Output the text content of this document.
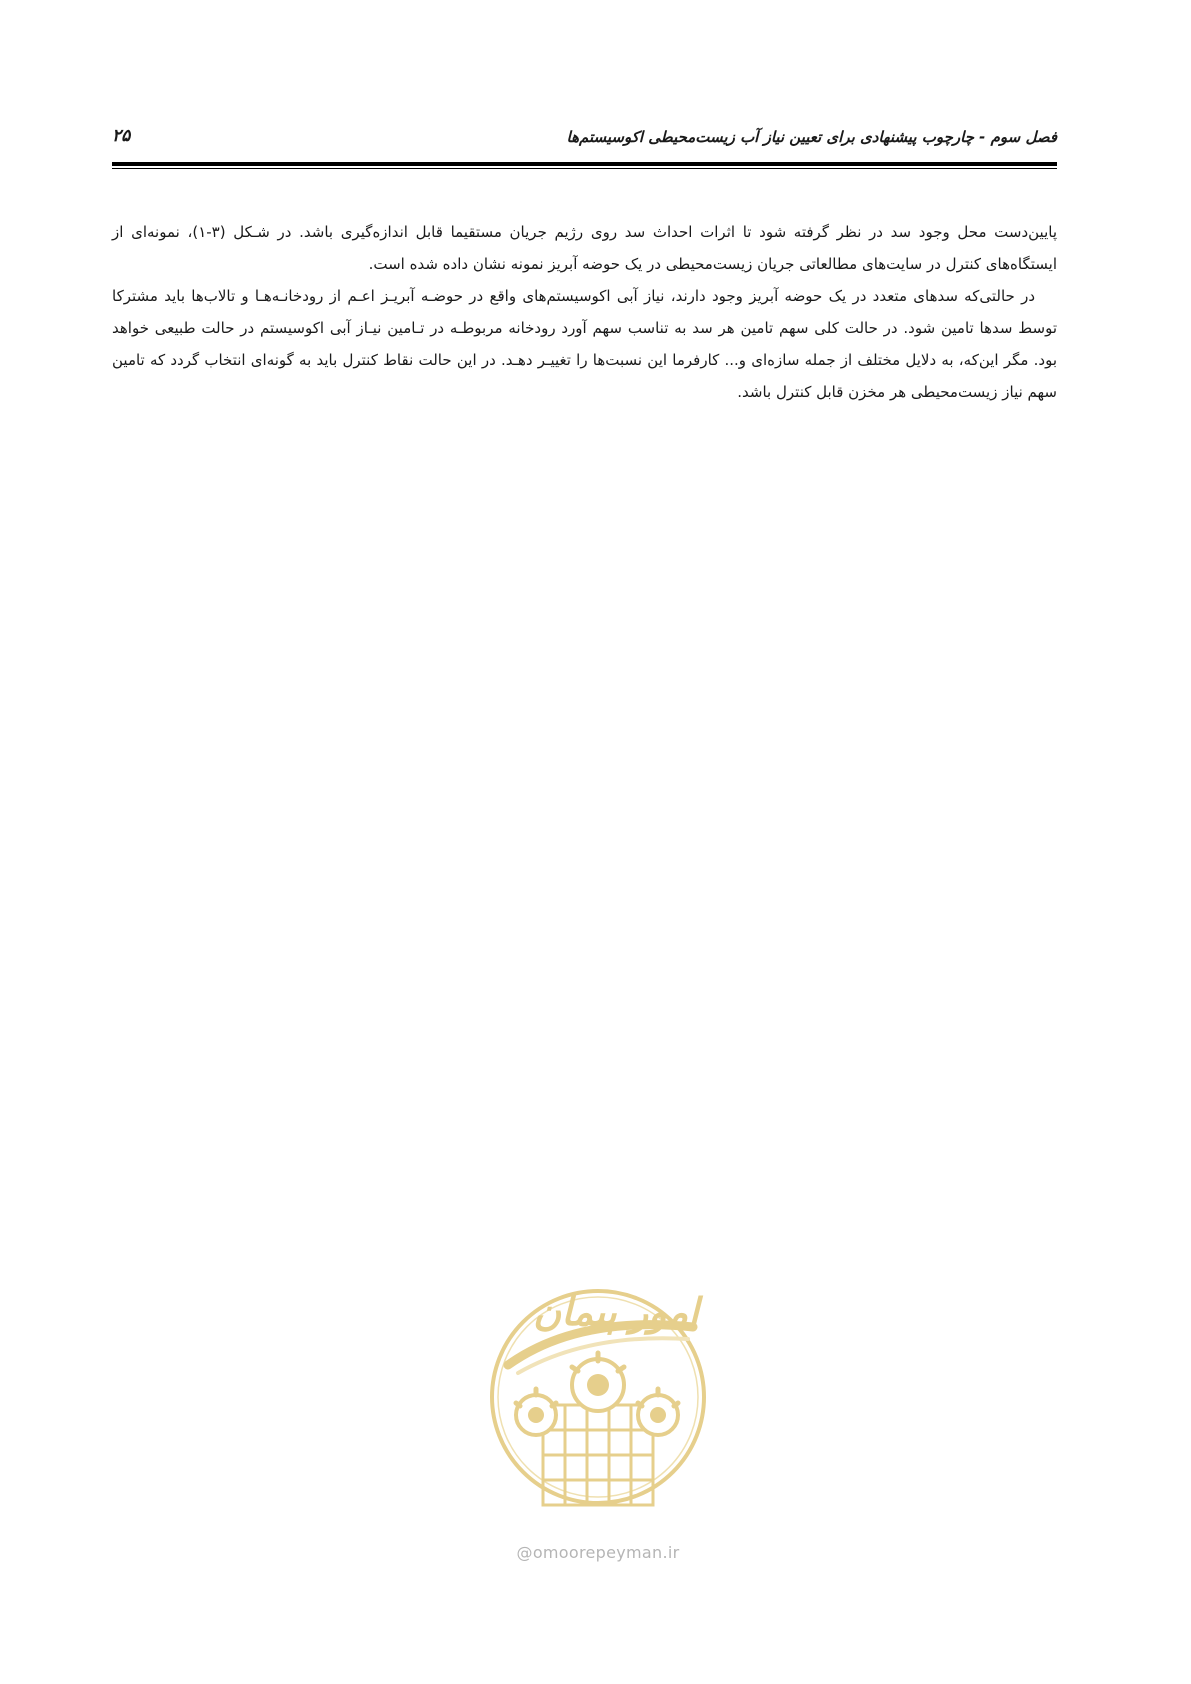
فصل سوم - چارچوب پیشنهادی برای تعیین نیاز آب زیست‌محیطی اکوسیستم‌ها
۲۵

پایین‌دست محل وجود سد در نظر گرفته شود تا اثرات احداث سد روی رژیم جریان مستقیما قابل اندازه‌گیری باشد. در شـکل (۳-۱)، نمونه‌ای از ایستگاه‌های کنترل در سایت‌های مطالعاتی جریان زیست‌محیطی در یک حوضه آبریز نمونه نشان داده شده است.

در حالتی‌که سدهای متعدد در یک حوضه آبریز وجود دارند، نیاز آبی اکوسیستم‌های واقع در حوضـه آبریـز اعـم از رودخانـه‌هـا و تالاب‌ها باید مشترکا توسط سدها تامین شود. در حالت کلی سهم تامین هر سد به تناسب سهم آورد رودخانه مربوطـه در تـامین نیـاز آبی اکوسیستم در حالت طبیعی خواهد بود. مگر این‌که، به دلایل مختلف از جمله سازه‌ای و... کارفرما این نسبت‌ها را تغییـر دهـد. در این حالت نقاط کنترل باید به گونه‌ای انتخاب گردد که تامین سهم نیاز زیست‌محیطی هر مخزن قابل کنترل باشد.

امور پیمان
@omoorepeyman.ir
